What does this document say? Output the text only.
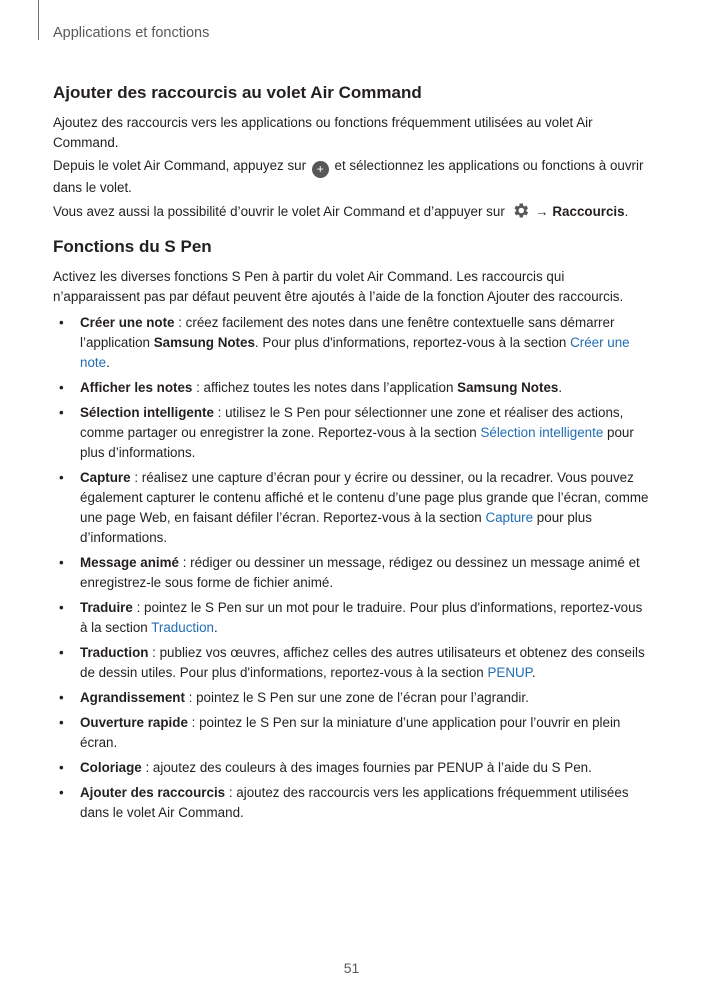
Applications et fonctions
Ajouter des raccourcis au volet Air Command

Ajoutez des raccourcis vers les applications ou fonctions fréquemment utilisées au volet Air Command.

Depuis le volet Air Command, appuyez sur + et sélectionnez les applications ou fonctions à ouvrir dans le volet.

Vous avez aussi la possibilité d’ouvrir le volet Air Command et d’appuyer sur → Raccourcis.

Fonctions du S Pen

Activez les diverses fonctions S Pen à partir du volet Air Command. Les raccourcis qui n’apparaissent pas par défaut peuvent être ajoutés à l’aide de la fonction Ajouter des raccourcis.

• Créer une note : créez facilement des notes dans une fenêtre contextuelle sans démarrer l’application Samsung Notes. Pour plus d'informations, reportez-vous à la section Créer une note.
• Afficher les notes : affichez toutes les notes dans l’application Samsung Notes.
• Sélection intelligente : utilisez le S Pen pour sélectionner une zone et réaliser des actions, comme partager ou enregistrer la zone. Reportez-vous à la section Sélection intelligente pour plus d’informations.
• Capture : réalisez une capture d’écran pour y écrire ou dessiner, ou la recadrer. Vous pouvez également capturer le contenu affiché et le contenu d’une page plus grande que l’écran, comme une page Web, en faisant défiler l’écran. Reportez-vous à la section Capture pour plus d’informations.
• Message animé : rédiger ou dessiner un message, rédigez ou dessinez un message animé et enregistrez-le sous forme de fichier animé.
• Traduire : pointez le S Pen sur un mot pour le traduire. Pour plus d'informations, reportez-vous à la section Traduction.
• Traduction : publiez vos œuvres, affichez celles des autres utilisateurs et obtenez des conseils de dessin utiles. Pour plus d'informations, reportez-vous à la section PENUP.
• Agrandissement : pointez le S Pen sur une zone de l’écran pour l’agrandir.
• Ouverture rapide : pointez le S Pen sur la miniature d’une application pour l’ouvrir en plein écran.
• Coloriage : ajoutez des couleurs à des images fournies par PENUP à l’aide du S Pen.
• Ajouter des raccourcis : ajoutez des raccourcis vers les applications fréquemment utilisées dans le volet Air Command.
51
